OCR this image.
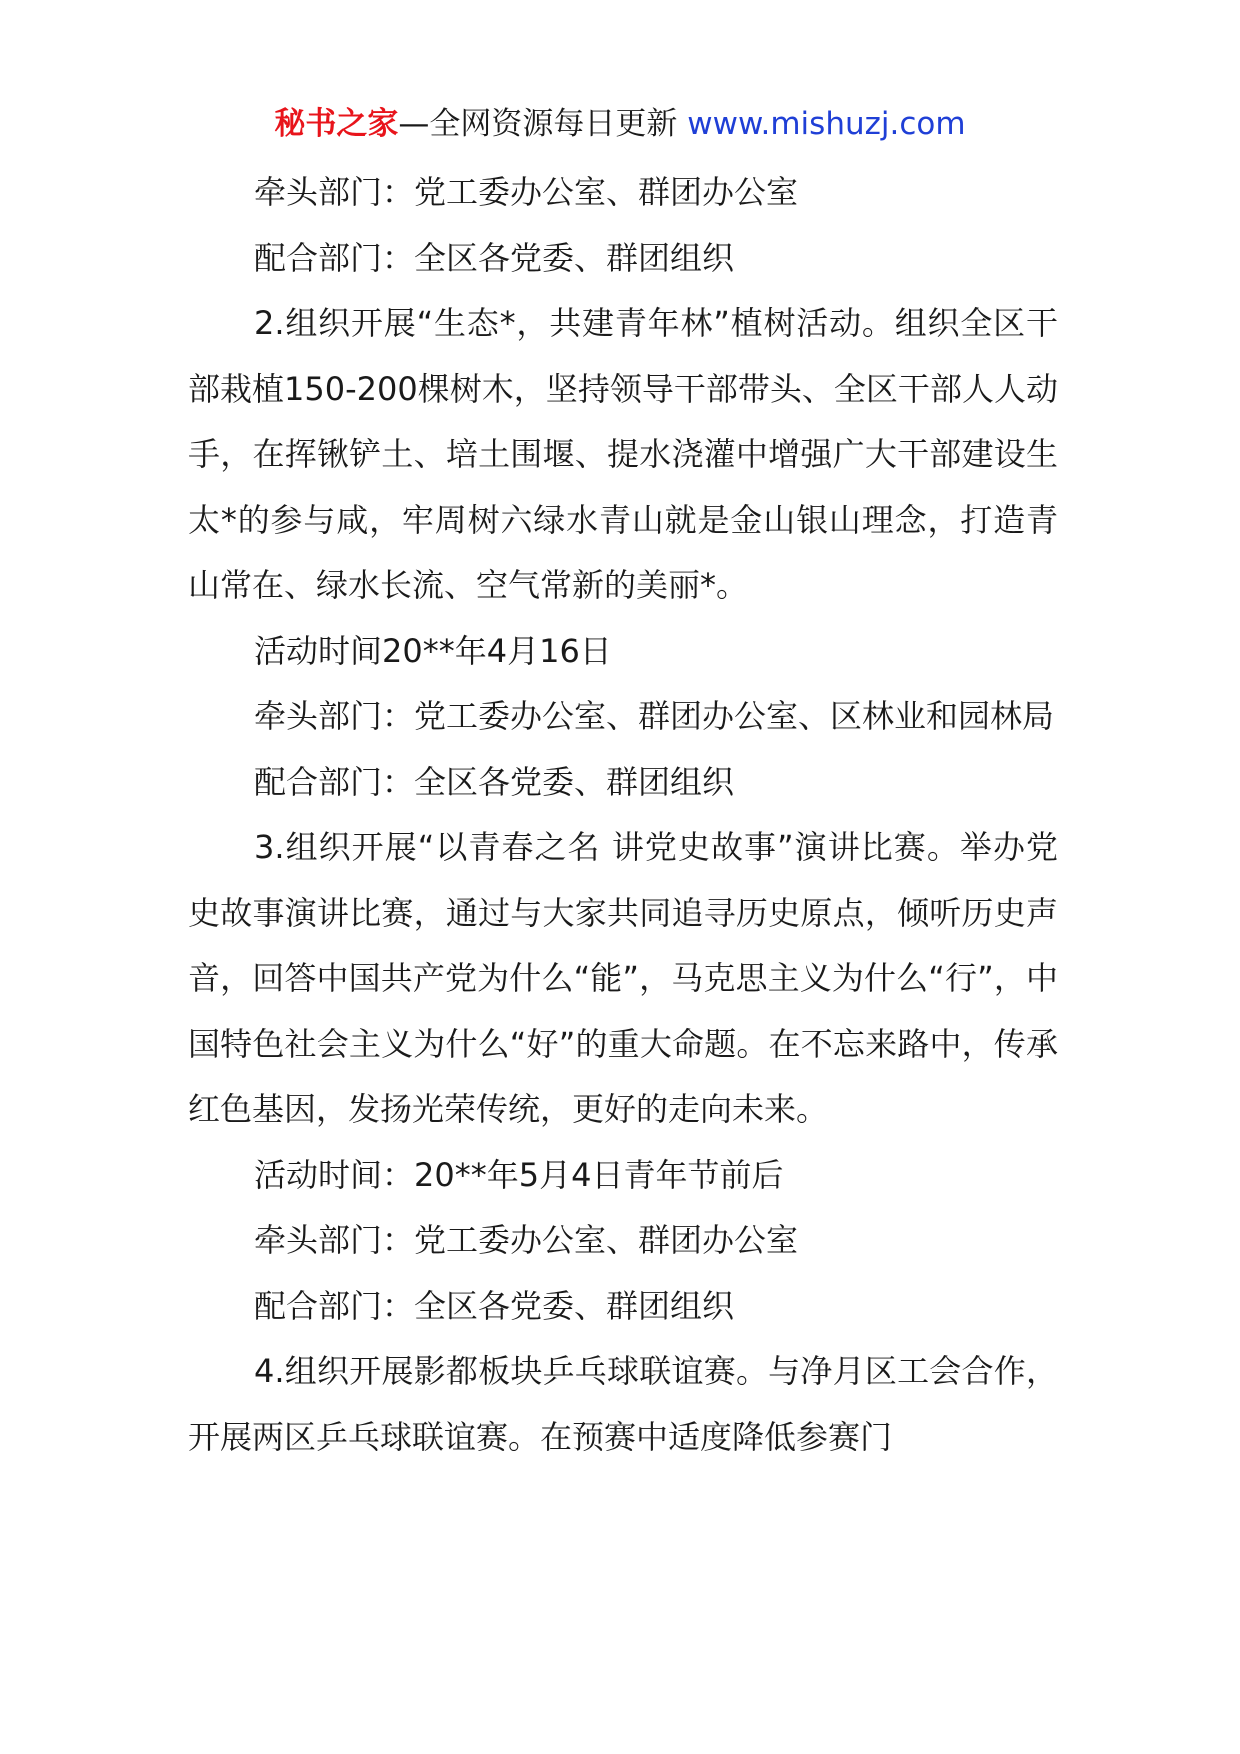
秘书之家—全网资源每日更新 www.mishuzj.com

牵头部门：党工委办公室、群团办公室

配合部门：全区各党委、群团组织

2.组织开展“生态*，共建青年林”植树活动。组织全区干部栽植150-200棵树木，坚持领导干部带头、全区干部人人动手，在挥锹铲土、培土围堰、提水浇灌中增强广大干部建设生太*的参与咸，牢周树六绿水青山就是金山银山理念，打造青山常在、绿水长流、空气常新的美丽*。

活动时间20**年4月16日

牵头部门：党工委办公室、群团办公室、区林业和园林局

配合部门：全区各党委、群团组织

3.组织开展“以青春之名 讲党史故事”演讲比赛。举办党史故事演讲比赛，通过与大家共同追寻历史原点，倾听历史声音，回答中国共产党为什么“能”，马克思主义为什么“行”，中国特色社会主义为什么“好”的重大命题。在不忘来路中，传承红色基因，发扬光荣传统，更好的走向未来。

活动时间：20**年5月4日青年节前后

牵头部门：党工委办公室、群团办公室

配合部门：全区各党委、群团组织

4.组织开展影都板块乒乓球联谊赛。与净月区工会合作，开展两区乒乓球联谊赛。在预赛中适度降低参赛门
